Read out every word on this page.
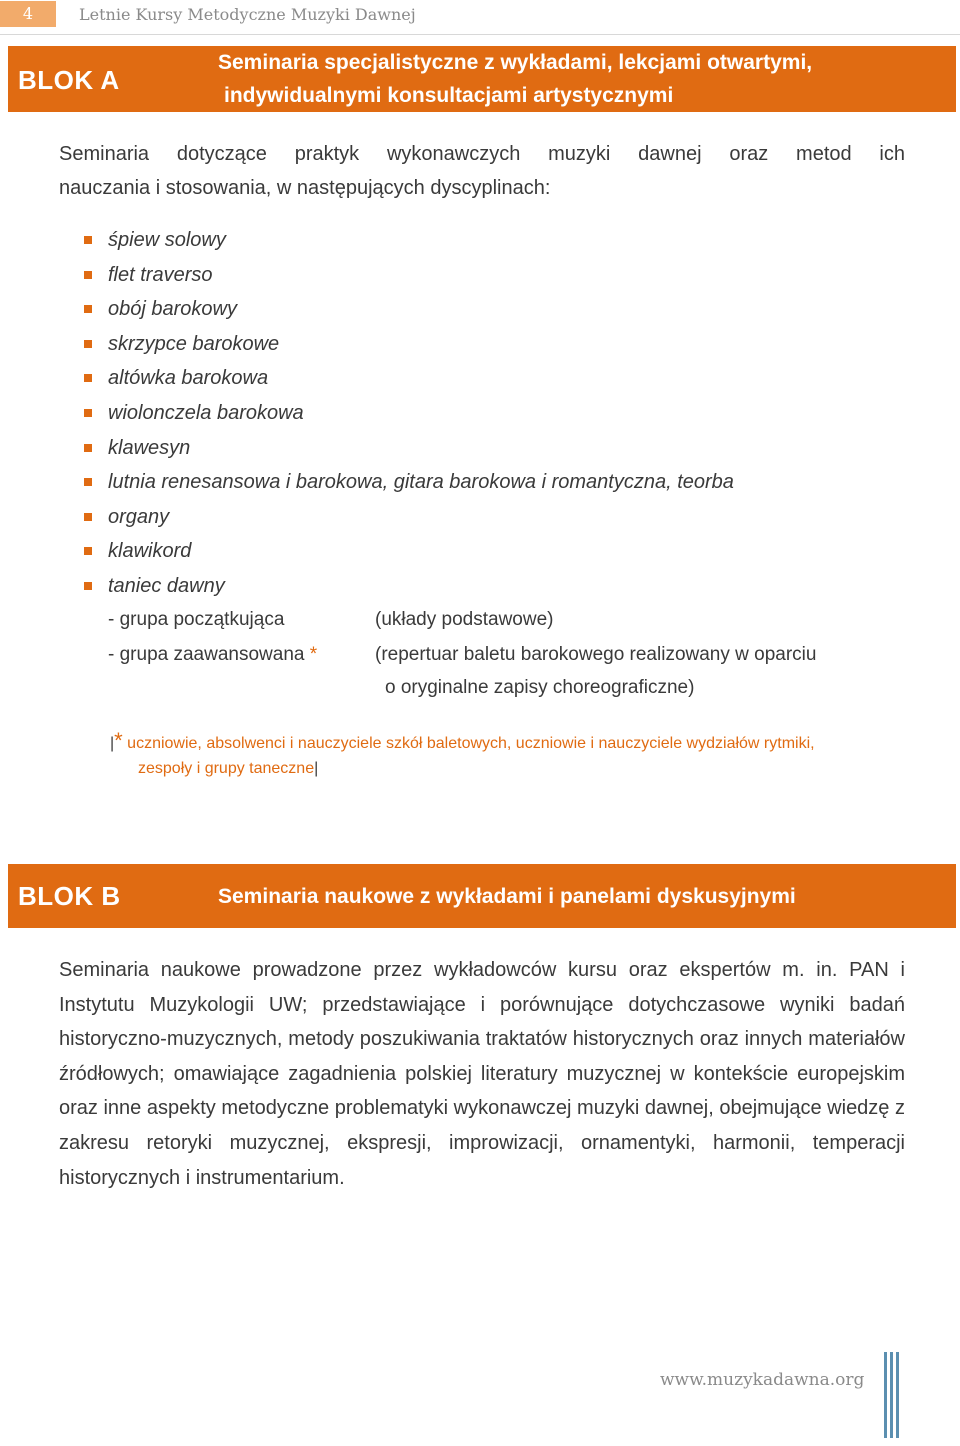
4	Letnie Kursy Metodyczne Muzyki Dawnej
BLOK A
Seminaria specjalistyczne z wykładami, lekcjami otwartymi,
indywidualnymi konsultacjami artystycznymi
Seminaria dotyczące praktyk wykonawczych muzyki dawnej oraz metod ich
nauczania i stosowania, w następujących dyscyplinach:
śpiew solowy
flet traverso
obój barokowy
skrzypce barokowe
altówka barokowa
wiolonczela barokowa
klawesyn
lutnia renesansowa i barokowa, gitara barokowa i romantyczna, teorba
organy
klawikord
taniec dawny
- grupa początkująca	(układy podstawowe)
- grupa zaawansowana *	(repertuar baletu barokowego realizowany w oparciu
o oryginalne zapisy choreograficzne)
|* uczniowie, absolwenci i nauczyciele szkół baletowych, uczniowie i nauczyciele wydziałów rytmiki,
zespoły i grupy taneczne|
BLOK B	Seminaria naukowe z wykładami i panelami dyskusyjnymi
Seminaria naukowe prowadzone przez wykładowców kursu oraz ekspertów m. in. PAN i Instytutu Muzykologii UW; przedstawiające i porównujące dotychczasowe wyniki badań historyczno-muzycznych, metody poszukiwania traktatów historycznych oraz innych materiałów źródłowych; omawiające zagadnienia polskiej literatury muzycznej w kontekście europejskim oraz inne aspekty metodyczne problematyki wykonawczej muzyki dawnej, obejmujące wiedzę z zakresu retoryki muzycznej, ekspresji, improwizacji, ornamentyki, harmonii, temperacji historycznych i instrumentarium.
www.muzykadawna.org
